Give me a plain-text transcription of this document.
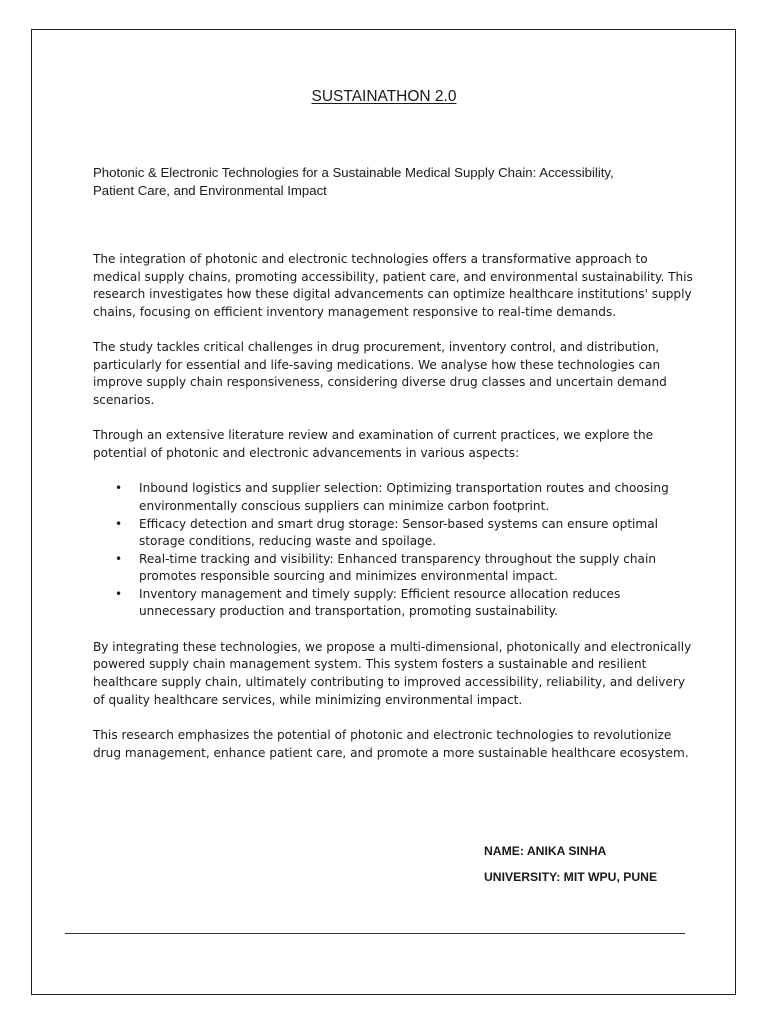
SUSTAINATHON 2.0
Photonic & Electronic Technologies for a Sustainable Medical Supply Chain: Accessibility,
Patient Care, and Environmental Impact

The integration of photonic and electronic technologies offers a transformative approach to medical supply chains, promoting accessibility, patient care, and environmental sustainability. This research investigates how these digital advancements can optimize healthcare institutions' supply chains, focusing on efficient inventory management responsive to real-time demands.

The study tackles critical challenges in drug procurement, inventory control, and distribution, particularly for essential and life-saving medications. We analyse how these technologies can improve supply chain responsiveness, considering diverse drug classes and uncertain demand scenarios.

Through an extensive literature review and examination of current practices, we explore the potential of photonic and electronic advancements in various aspects:

• Inbound logistics and supplier selection: Optimizing transportation routes and choosing environmentally conscious suppliers can minimize carbon footprint.
• Efficacy detection and smart drug storage: Sensor-based systems can ensure optimal storage conditions, reducing waste and spoilage.
• Real-time tracking and visibility: Enhanced transparency throughout the supply chain promotes responsible sourcing and minimizes environmental impact.
• Inventory management and timely supply: Efficient resource allocation reduces unnecessary production and transportation, promoting sustainability.

By integrating these technologies, we propose a multi-dimensional, photonically and electronically powered supply chain management system. This system fosters a sustainable and resilient healthcare supply chain, ultimately contributing to improved accessibility, reliability, and delivery of quality healthcare services, while minimizing environmental impact.

This research emphasizes the potential of photonic and electronic technologies to revolutionize drug management, enhance patient care, and promote a more sustainable healthcare ecosystem.

NAME: ANIKA SINHA
UNIVERSITY: MIT WPU, PUNE
